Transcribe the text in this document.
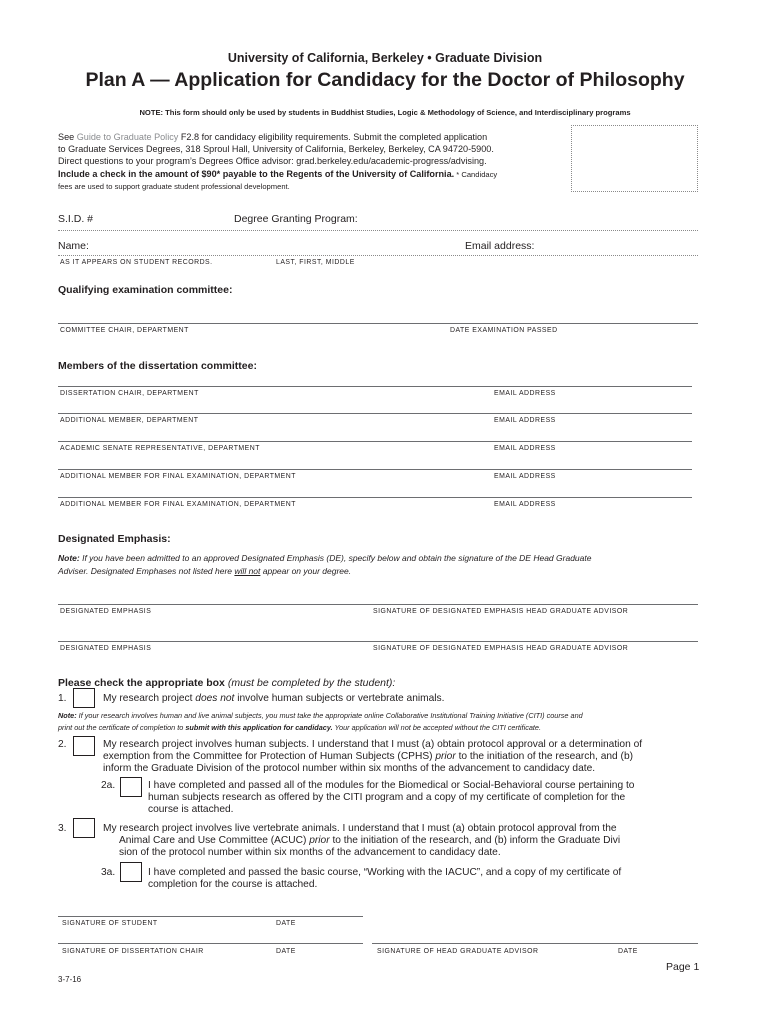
University of California, Berkeley • Graduate Division
Plan A — Application for Candidacy for the Doctor of Philosophy
NOTE: This form should only be used by students in Buddhist Studies, Logic & Methodology of Science, and Interdisciplinary programs
See Guide to Graduate Policy F2.8 for candidacy eligibility requirements. Submit the completed application
to Graduate Services Degrees, 318 Sproul Hall, University of California, Berkeley, Berkeley, CA 94720-5900.
Direct questions to your program’s Degrees Office advisor: grad.berkeley.edu/academic-progress/advising.
Include a check in the amount of $90* payable to the Regents of the University of California. * Candidacy
fees are used to support graduate student professional development.
S.I.D. #	Degree Granting Program:
Name:	Email address:
AS IT APPEARS ON STUDENT RECORDS.	LAST, FIRST, MIDDLE
Qualifying examination committee:
COMMITTEE CHAIR, DEPARTMENT	DATE EXAMINATION PASSED
Members of the dissertation committee:
DISSERTATION CHAIR, DEPARTMENT	EMAIL ADDRESS
ADDITIONAL MEMBER, DEPARTMENT	EMAIL ADDRESS
ACADEMIC SENATE REPRESENTATIVE, DEPARTMENT	EMAIL ADDRESS
ADDITIONAL MEMBER FOR FINAL EXAMINATION, DEPARTMENT	EMAIL ADDRESS
ADDITIONAL MEMBER FOR FINAL EXAMINATION, DEPARTMENT	EMAIL ADDRESS
Designated Emphasis:
Note: If you have been admitted to an approved Designated Emphasis (DE), specify below and obtain the signature of the DE Head Graduate
Adviser. Designated Emphases not listed here will not appear on your degree.
DESIGNATED EMPHASIS	SIGNATURE OF DESIGNATED EMPHASIS HEAD GRADUATE ADVISOR
DESIGNATED EMPHASIS	SIGNATURE OF DESIGNATED EMPHASIS HEAD GRADUATE ADVISOR
Please check the appropriate box (must be completed by the student):
1.	My research project does not involve human subjects or vertebrate animals.
Note: If your research involves human and live animal subjects, you must take the appropriate online Collaborative Institutional Training Initiative (CITI) course and
print out the certificate of completion to submit with this application for candidacy. Your application will not be accepted without the CITI certificate.
2.	My research project involves human subjects. I understand that I must (a) obtain protocol approval or a determination of
exemption from the Committee for Protection of Human Subjects (CPHS) prior to the initiation of the research, and (b)
inform the Graduate Division of the protocol number within six months of the advancement to candidacy date.
2a.	I have completed and passed all of the modules for the Biomedical or Social-Behavioral course pertaining to
human subjects research as offered by the CITI program and a copy of my certificate of completion for the
course is attached.
3.	My research project involves live vertebrate animals. I understand that I must (a) obtain protocol approval from the
Animal Care and Use Committee (ACUC) prior to the initiation of the research, and (b) inform the Graduate Divi
sion of the protocol number within six months of the advancement to candidacy date.
3a.	I have completed and passed the basic course, “Working with the IACUC”, and a copy of my certificate of
completion for the course is attached.
SIGNATURE OF STUDENT	DATE
SIGNATURE OF DISSERTATION CHAIR	DATE	SIGNATURE OF HEAD GRADUATE ADVISOR	DATE
3-7-16
Page 1
